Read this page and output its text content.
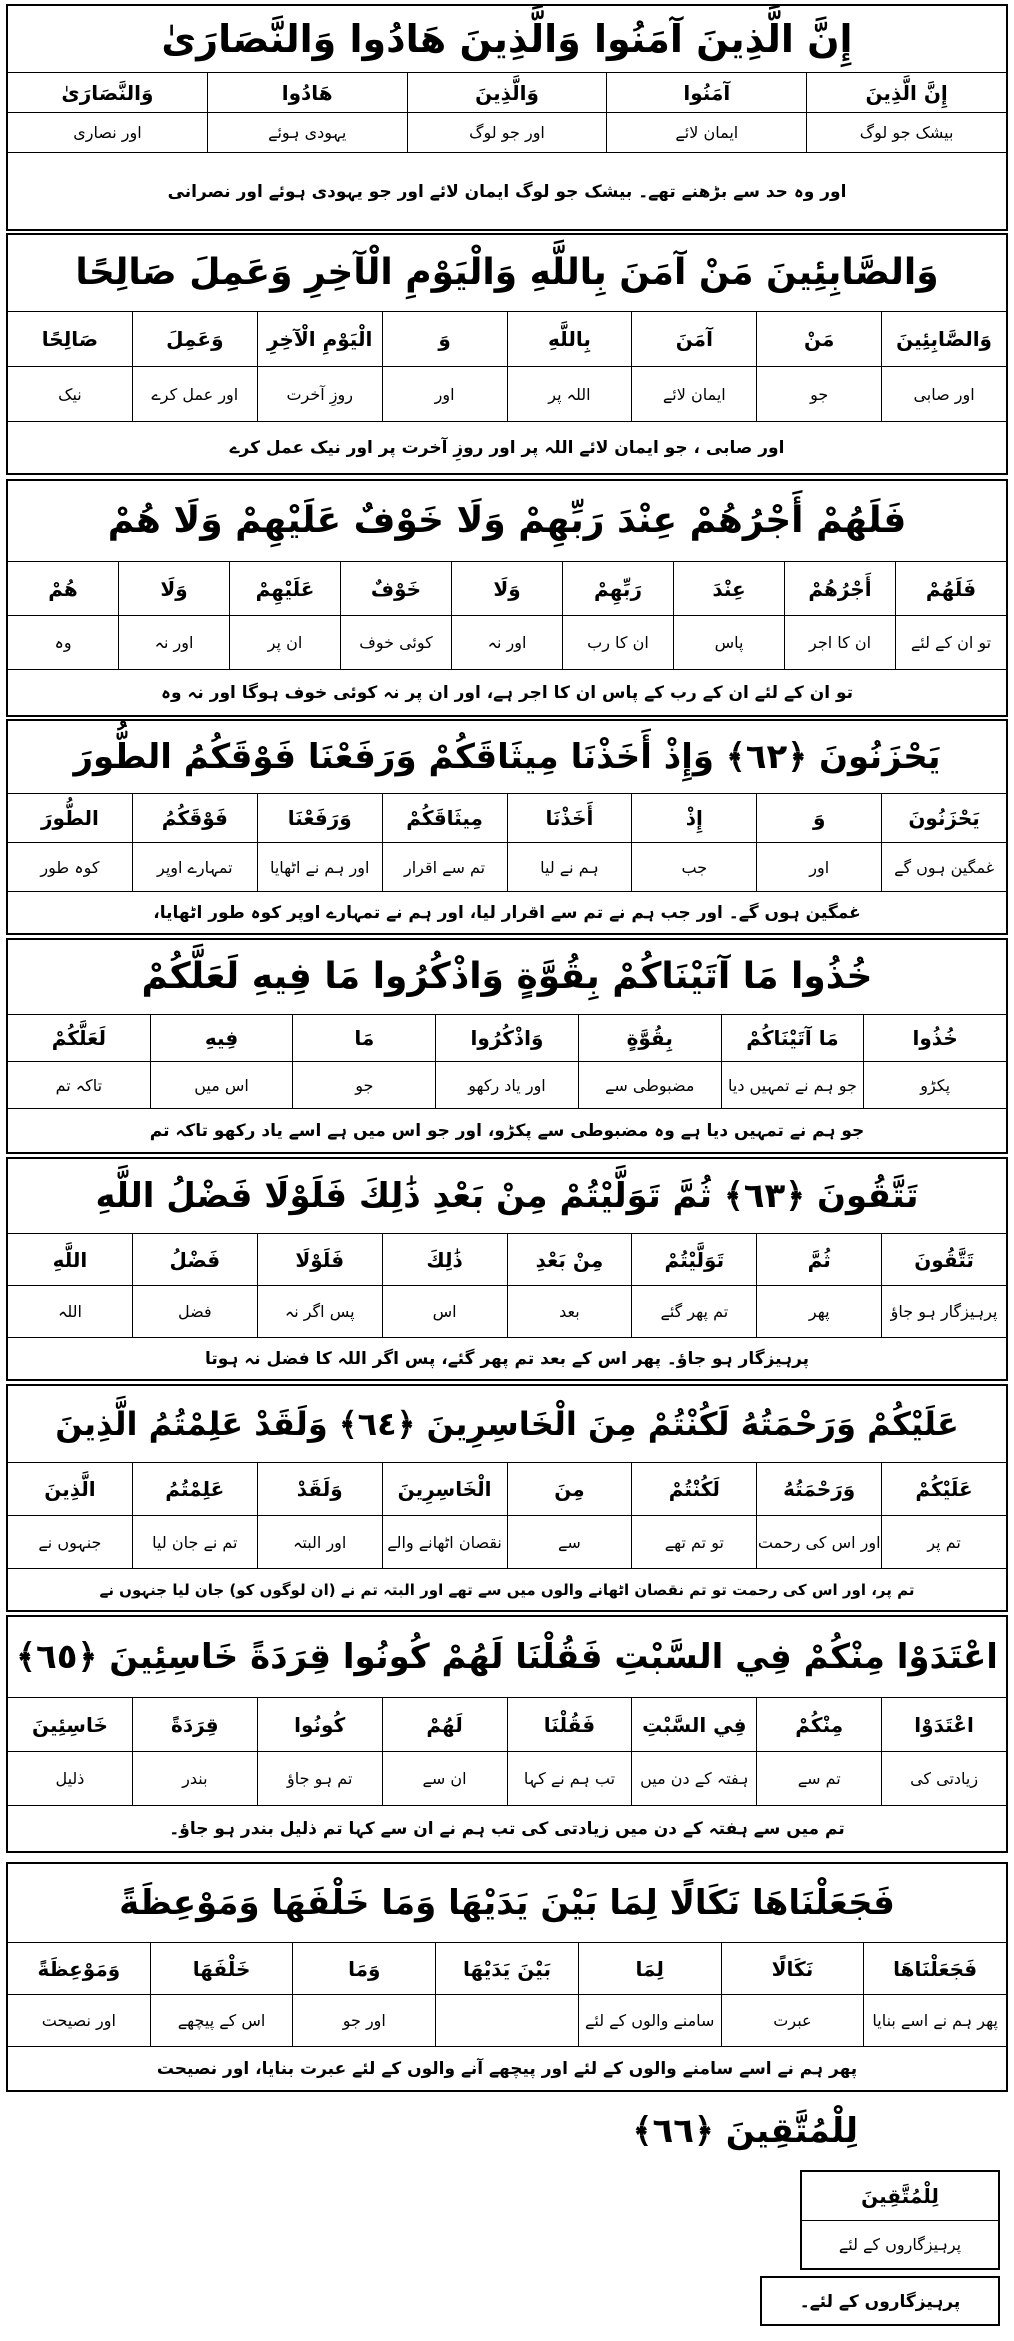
إِنَّ الَّذِينَ آمَنُوا وَالَّذِينَ هَادُوا وَالنَّصَارَىٰ
إِنَّ الَّذِينَ
بیشک جو لوگ
آمَنُوا
ایمان لائے
وَالَّذِينَ
اور جو لوگ
هَادُوا
یہودی ہوئے
وَالنَّصَارَىٰ
اور نصاری
اور وہ حد سے بڑھنے تھے۔ بیشک جو لوگ ایمان لائے اور جو یہودی ہوئے اور نصرانی
وَالصَّابِئِينَ مَنْ آمَنَ بِاللَّهِ وَالْيَوْمِ الْآخِرِ وَعَمِلَ صَالِحًا
وَالصَّابِئِينَ
اور صابی
مَنْ
جو
آمَنَ
ایمان لائے
بِاللَّهِ
اللہ پر
وَ
اور
الْيَوْمِ الْآخِرِ
روزِ آخرت
وَعَمِلَ
اور عمل کرے
صَالِحًا
نیک
اور صابی ، جو ایمان لائے اللہ پر اور روزِ آخرت پر اور نیک عمل کرے
فَلَهُمْ أَجْرُهُمْ عِنْدَ رَبِّهِمْ وَلَا خَوْفٌ عَلَيْهِمْ وَلَا هُمْ
فَلَهُمْ
تو ان کے لئے
أَجْرُهُمْ
ان کا اجر
عِنْدَ
پاس
رَبِّهِمْ
ان کا رب
وَلَا
اور نہ
خَوْفٌ
کوئی خوف
عَلَيْهِمْ
ان پر
وَلَا
اور نہ
هُمْ
وہ
تو ان کے لئے ان کے رب کے پاس ان کا اجر ہے، اور ان پر نہ کوئی خوف ہوگا اور نہ وہ
يَحْزَنُونَ ﴿٦٢﴾ وَإِذْ أَخَذْنَا مِيثَاقَكُمْ وَرَفَعْنَا فَوْقَكُمُ الطُّورَ
يَحْزَنُونَ
غمگین ہوں گے
وَ
اور
إِذْ
جب
أَخَذْنَا
ہم نے لیا
مِيثَاقَكُمْ
تم سے اقرار
وَرَفَعْنَا
اور ہم نے اٹھایا
فَوْقَكُمُ
تمہارے اوپر
الطُّورَ
کوہ طور
غمگین ہوں گے۔ اور جب ہم نے تم سے اقرار لیا، اور ہم نے تمہارے اوپر کوہ طور اٹھایا،
خُذُوا مَا آتَيْنَاكُمْ بِقُوَّةٍ وَاذْكُرُوا مَا فِيهِ لَعَلَّكُمْ
خُذُوا
پکڑو
مَا آتَيْنَاكُمْ
جو ہم نے تمہیں دیا
بِقُوَّةٍ
مضبوطی سے
وَاذْكُرُوا
اور یاد رکھو
مَا
جو
فِيهِ
اس میں
لَعَلَّكُمْ
تاکہ تم
جو ہم نے تمہیں دیا ہے وہ مضبوطی سے پکڑو، اور جو اس میں ہے اسے یاد رکھو تاکہ تم
تَتَّقُونَ ﴿٦٣﴾ ثُمَّ تَوَلَّيْتُمْ مِنْ بَعْدِ ذَٰلِكَ فَلَوْلَا فَضْلُ اللَّهِ
تَتَّقُونَ
پرہیزگار ہو جاؤ
ثُمَّ
پھر
تَوَلَّيْتُمْ
تم پھر گئے
مِنْ بَعْدِ
بعد
ذَٰلِكَ
اس
فَلَوْلَا
پس اگر نہ
فَضْلُ
فضل
اللَّهِ
اللہ
پرہیزگار ہو جاؤ۔ پھر اس کے بعد تم پھر گئے، پس اگر اللہ کا فضل نہ ہوتا
عَلَيْكُمْ وَرَحْمَتُهُ لَكُنْتُمْ مِنَ الْخَاسِرِينَ ﴿٦٤﴾ وَلَقَدْ عَلِمْتُمُ الَّذِينَ
عَلَيْكُمْ
تم پر
وَرَحْمَتُهُ
اور اس کی رحمت
لَكُنْتُمْ
تو تم تھے
مِنَ
سے
الْخَاسِرِينَ
نقصان اٹھانے والے
وَلَقَدْ
اور البتہ
عَلِمْتُمُ
تم نے جان لیا
الَّذِينَ
جنہوں نے
تم پر، اور اس کی رحمت تو تم نقصان اٹھانے والوں میں سے تھے اور البتہ تم نے (ان لوگوں کو) جان لیا جنہوں نے
اعْتَدَوْا مِنْكُمْ فِي السَّبْتِ فَقُلْنَا لَهُمْ كُونُوا قِرَدَةً خَاسِئِينَ ﴿٦٥﴾
اعْتَدَوْا
زیادتی کی
مِنْكُمْ
تم سے
فِي السَّبْتِ
ہفتہ کے دن میں
فَقُلْنَا
تب ہم نے کہا
لَهُمْ
ان سے
كُونُوا
تم ہو جاؤ
قِرَدَةً
بندر
خَاسِئِينَ
ذلیل
تم میں سے ہفتہ کے دن میں زیادتی کی تب ہم نے ان سے کہا تم ذلیل بندر ہو جاؤ۔
فَجَعَلْنَاهَا نَكَالًا لِمَا بَيْنَ يَدَيْهَا وَمَا خَلْفَهَا وَمَوْعِظَةً
فَجَعَلْنَاهَا
پھر ہم نے اسے بنایا
نَكَالًا
عبرت
لِمَا
سامنے والوں کے لئے
بَيْنَ يَدَيْهَا
وَمَا
اور جو
خَلْفَهَا
اس کے پیچھے
وَمَوْعِظَةً
اور نصیحت
پھر ہم نے اسے سامنے والوں کے لئے اور پیچھے آنے والوں کے لئے عبرت بنایا، اور نصیحت
لِلْمُتَّقِينَ ﴿٦٦﴾
لِلْمُتَّقِينَ
پرہیزگاروں کے لئے
پرہیزگاروں کے لئے۔
